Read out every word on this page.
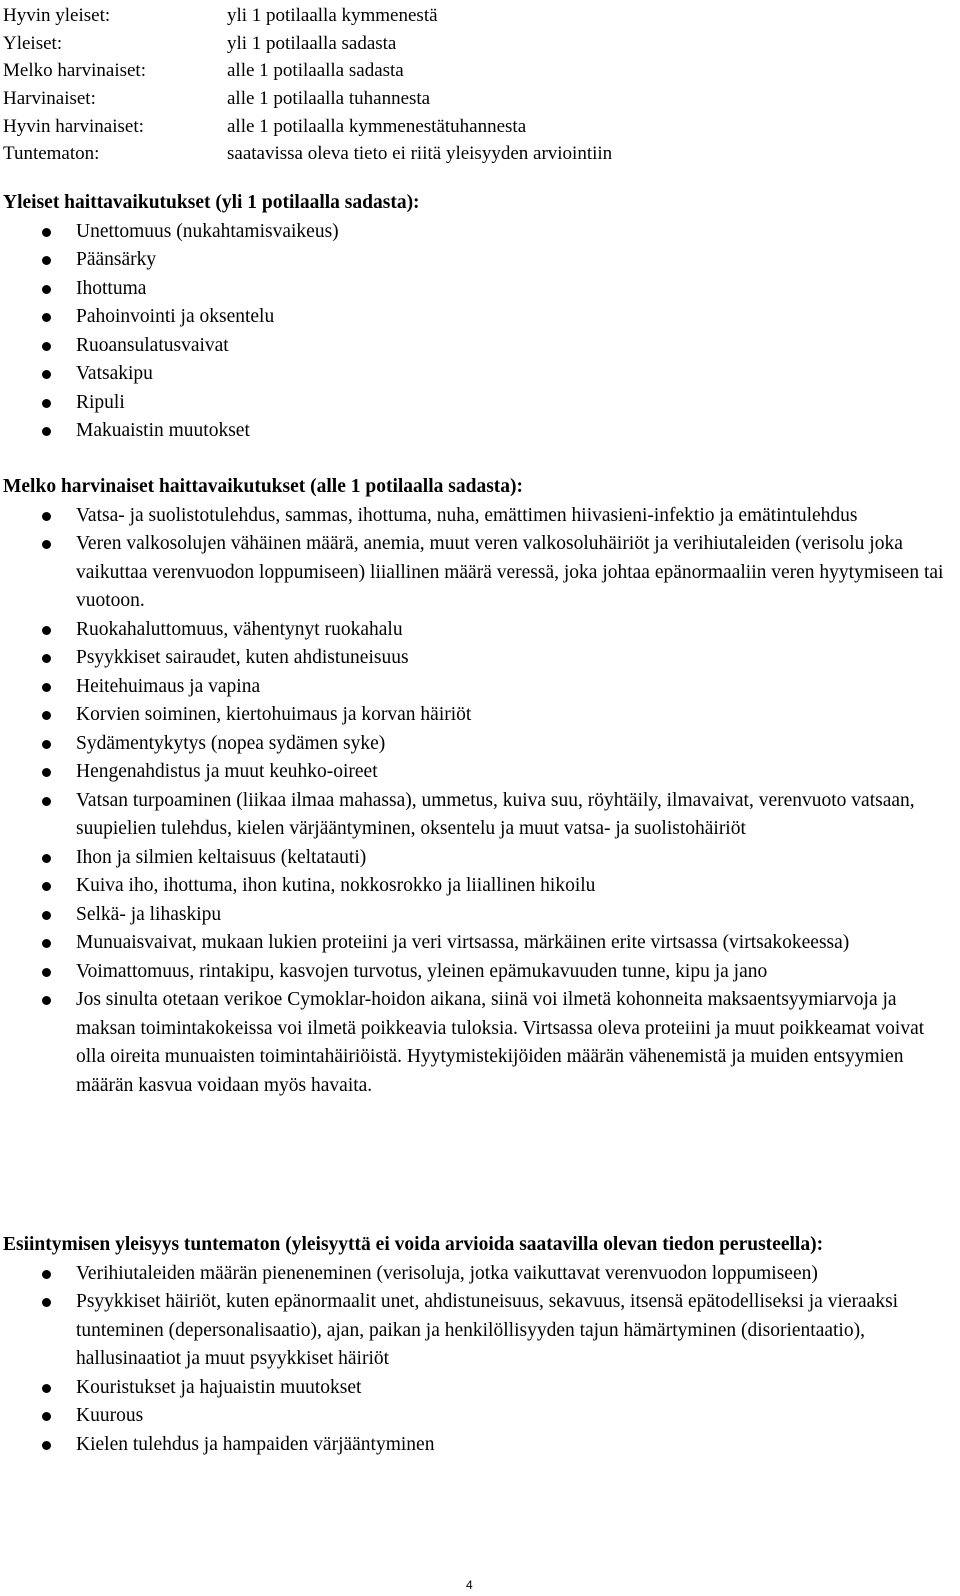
Hyvin yleiset:	yli 1 potilaalla kymmenestä
Yleiset:	yli 1 potilaalla sadasta
Melko harvinaiset:	alle 1 potilaalla sadasta
Harvinaiset:	alle 1 potilaalla tuhannesta
Hyvin harvinaiset:	alle 1 potilaalla kymmenestätuhannesta
Tuntematon:	saatavissa oleva tieto ei riitä yleisyyden arviointiin

Yleiset haittavaikutukset (yli 1 potilaalla sadasta):

Unettomuus (nukahtamisvaikeus)
Päänsärky
Ihottuma
Pahoinvointi ja oksentelu
Ruoansulatusvaivat
Vatsakipu
Ripuli
Makuaistin muutokset

Melko harvinaiset haittavaikutukset (alle 1 potilaalla sadasta):

Vatsa- ja suolistotulehdus, sammas, ihottuma, nuha, emättimen hiivasieni-infektio ja emätintulehdus
Veren valkosolujen vähäinen määrä, anemia, muut veren valkosoluhäiriöt ja verihiutaleiden (verisolu joka vaikuttaa verenvuodon loppumiseen) liiallinen määrä veressä, joka johtaa epänormaaliin veren hyytymiseen tai vuotoon.
Ruokahaluttomuus, vähentynyt ruokahalu
Psyykkiset sairaudet, kuten ahdistuneisuus
Heitehuimaus ja vapina
Korvien soiminen, kiertohuimaus ja korvan häiriöt
Sydämentykytys (nopea sydämen syke)
Hengenahdistus ja muut keuhko-oireet
Vatsan turpoaminen (liikaa ilmaa mahassa), ummetus, kuiva suu, röyhtäily, ilmavaivat, verenvuoto vatsaan, suupielien tulehdus, kielen värjääntyminen, oksentelu ja muut vatsa- ja suolistohäiriöt
Ihon ja silmien keltaisuus (keltatauti)
Kuiva iho, ihottuma, ihon kutina, nokkosrokko ja liiallinen hikoilu
Selkä- ja lihaskipu
Munuaisvaivat, mukaan lukien proteiini ja veri virtsassa, märkäinen erite virtsassa (virtsakokeessa)
Voimattomuus, rintakipu, kasvojen turvotus, yleinen epämukavuuden tunne, kipu ja jano
Jos sinulta otetaan verikoe Cymoklar-hoidon aikana, siinä voi ilmetä kohonneita maksaentsyymiarvoja ja maksan toimintakokeissa voi ilmetä poikkeavia tuloksia. Virtsassa oleva proteiini ja muut poikkeamat voivat olla oireita munuaisten toimintahäiriöistä. Hyytymistekijöiden määrän vähenemistä ja muiden entsyymien määrän kasvua voidaan myös havaita.

Esiintymisen yleisyys tuntematon (yleisyyttä ei voida arvioida saatavilla olevan tiedon perusteella):

Verihiutaleiden määrän pieneneminen (verisoluja, jotka vaikuttavat verenvuodon loppumiseen)
Psyykkiset häiriöt, kuten epänormaalit unet, ahdistuneisuus, sekavuus, itsensä epätodelliseksi ja vieraaksi tunteminen (depersonalisaatio), ajan, paikan ja henkilöllisyyden tajun hämärtyminen (disorientaatio), hallusinaatiot ja muut psyykkiset häiriöt
Kouristukset ja hajuaistin muutokset
Kuurous
Kielen tulehdus ja hampaiden värjääntyminen
4
